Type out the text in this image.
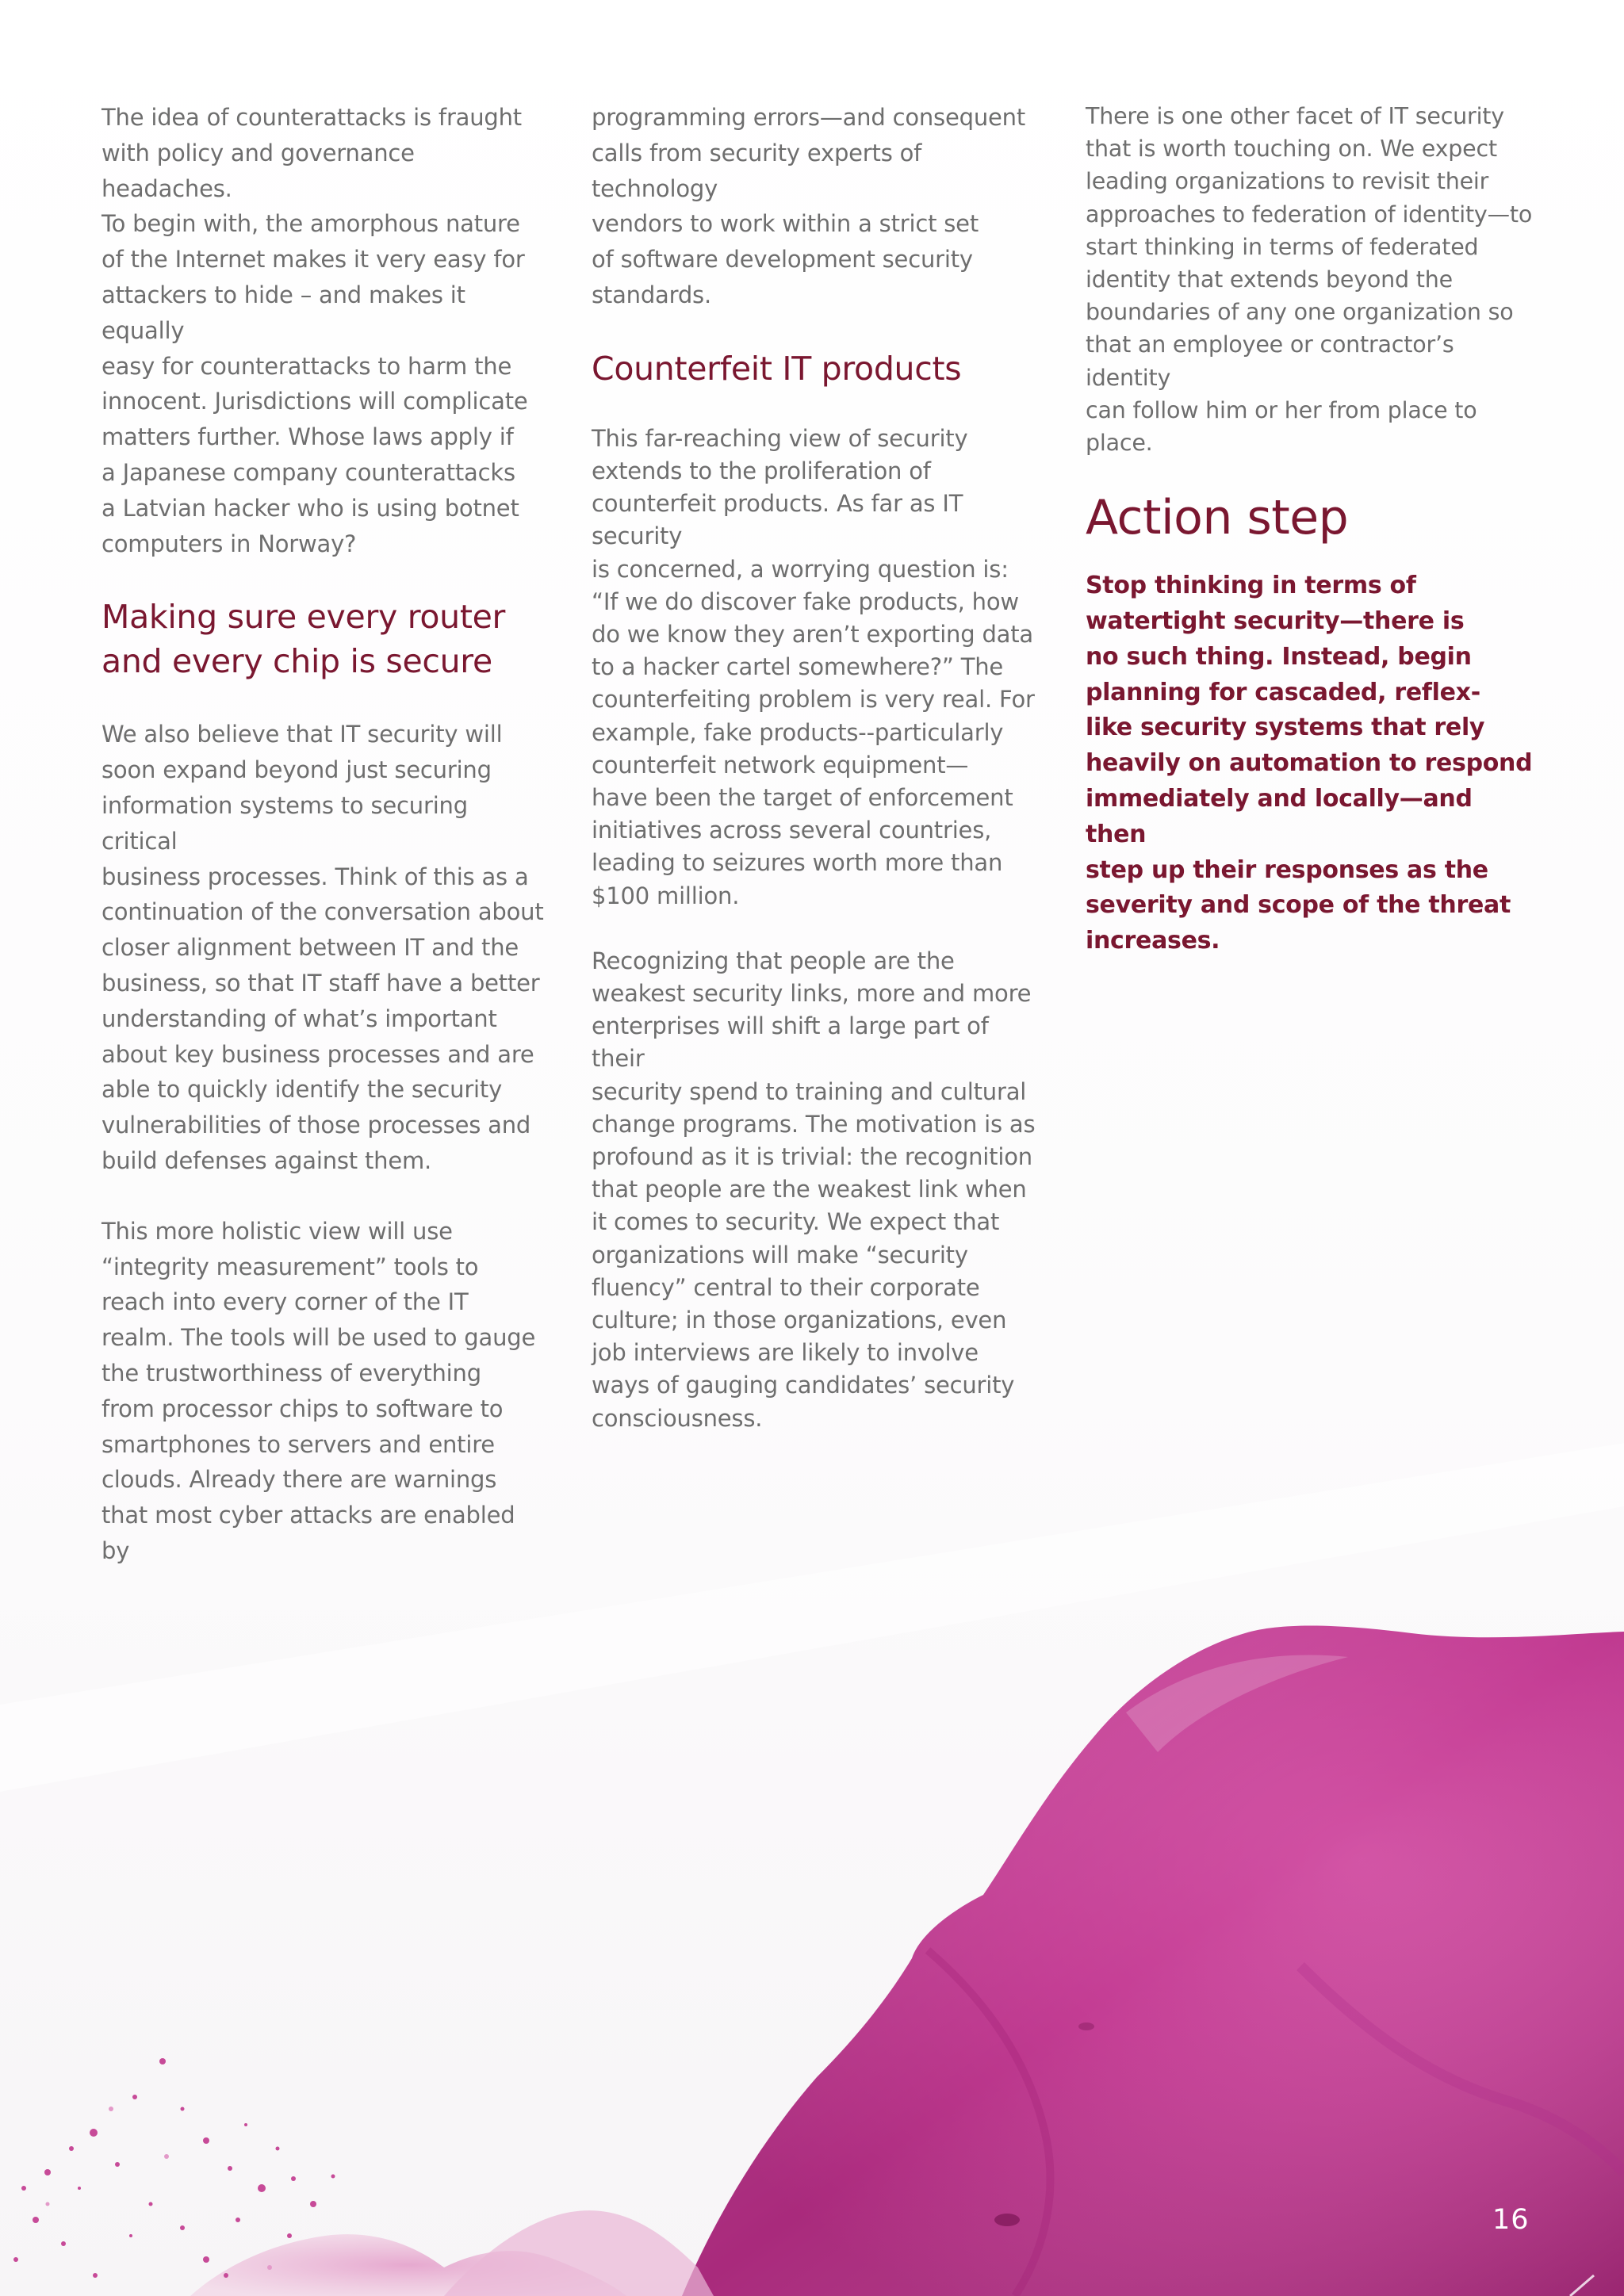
The idea of counterattacks is fraught
with policy and governance headaches.
To begin with, the amorphous nature
of the Internet makes it very easy for
attackers to hide – and makes it equally
easy for counterattacks to harm the
innocent. Jurisdictions will complicate
matters further. Whose laws apply if
a Japanese company counterattacks
a Latvian hacker who is using botnet
computers in Norway?

Making sure every router
and every chip is secure

We also believe that IT security will
soon expand beyond just securing
information systems to securing critical
business processes. Think of this as a
continuation of the conversation about
closer alignment between IT and the
business, so that IT staff have a better
understanding of what’s important
about key business processes and are
able to quickly identify the security
vulnerabilities of those processes and
build defenses against them.

This more holistic view will use
“integrity measurement” tools to
reach into every corner of the IT
realm. The tools will be used to gauge
the trustworthiness of everything
from processor chips to software to
smartphones to servers and entire
clouds. Already there are warnings
that most cyber attacks are enabled by

programming errors—and consequent
calls from security experts of technology
vendors to work within a strict set
of software development security
standards.

Counterfeit IT products

This far-reaching view of security
extends to the proliferation of
counterfeit products. As far as IT security
is concerned, a worrying question is:
“If we do discover fake products, how
do we know they aren’t exporting data
to a hacker cartel somewhere?” The
counterfeiting problem is very real. For
example, fake products--particularly
counterfeit network equipment—
have been the target of enforcement
initiatives across several countries,
leading to seizures worth more than
$100 million.

Recognizing that people are the
weakest security links, more and more
enterprises will shift a large part of their
security spend to training and cultural
change programs. The motivation is as
profound as it is trivial: the recognition
that people are the weakest link when
it comes to security. We expect that
organizations will make “security
fluency” central to their corporate
culture; in those organizations, even
job interviews are likely to involve
ways of gauging candidates’ security
consciousness.

There is one other facet of IT security
that is worth touching on. We expect
leading organizations to revisit their
approaches to federation of identity—to
start thinking in terms of federated
identity that extends beyond the
boundaries of any one organization so
that an employee or contractor’s identity
can follow him or her from place to
place.

Action step

Stop thinking in terms of
watertight security—there is
no such thing. Instead, begin
planning for cascaded, reflex-
like security systems that rely
heavily on automation to respond
immediately and locally—and then
step up their responses as the
severity and scope of the threat
increases.

16
